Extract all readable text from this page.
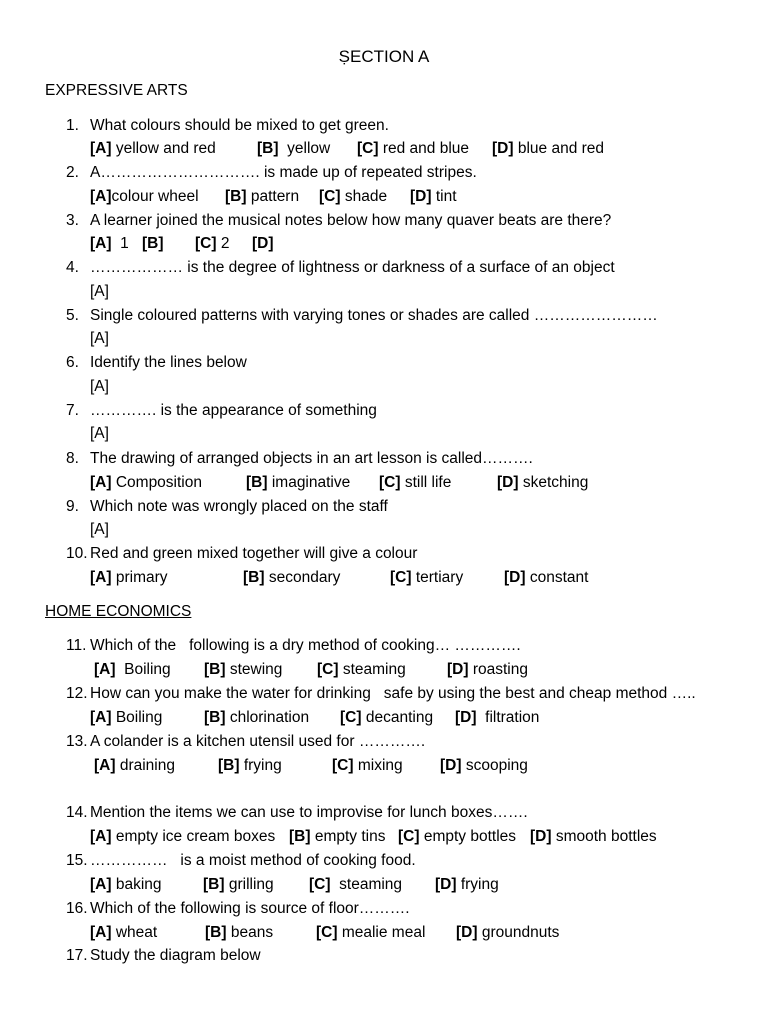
ṢECTION A
EXPRESSIVE ARTS
1. What colours should be mixed to get green.
[A] yellow and red	[B]  yellow [C] red and blue [D] blue and red
2. A…………………………. is made up of repeated stripes.
[A]colour wheel [B] pattern [C] shade [D] tint
3. A learner joined the musical notes below how many quaver beats are there?
[A]  1 [B] [C] 2 [D]
4. ……………… is the degree of lightness or darkness of a surface of an object
[A]
5. Single coloured patterns with varying tones or shades are called ……………………
[A]
6. Identify the lines below
[A]
7. …………. is the appearance of something
[A]
8. The drawing of arranged objects in an art lesson is called……….
[A] Composition	[B] imaginative [C] still life	[D] sketching
9. Which note was wrongly placed on the staff
[A]
10. Red and green mixed together will give a colour
[A] primary	[B] secondary	[C] tertiary	[D] constant
HOME ECONOMICS
11. Which of the   following is a dry method of cooking… ………….
[A]  Boiling [B] stewing [C] steaming	[D] roasting
12. How can you make the water for drinking   safe by using the best and cheap method …..
[A] Boiling	[B] chlorination [C] decanting [D]  filtration
13. A colander is a kitchen utensil used for ………….
[A] draining	[B] frying	[C] mixing [D] scooping
14. Mention the items we can use to improvise for lunch boxes…….
[A] empty ice cream boxes [B] empty tins [C] empty bottles [D] smooth bottles
15. ……………   is a moist method of cooking food.
[A] baking	[B] grilling [C]  steaming [D] frying
16. Which of the following is source of floor……….
[A] wheat	[B] beans	[C] mealie meal [D] groundnuts
17. Study the diagram below
